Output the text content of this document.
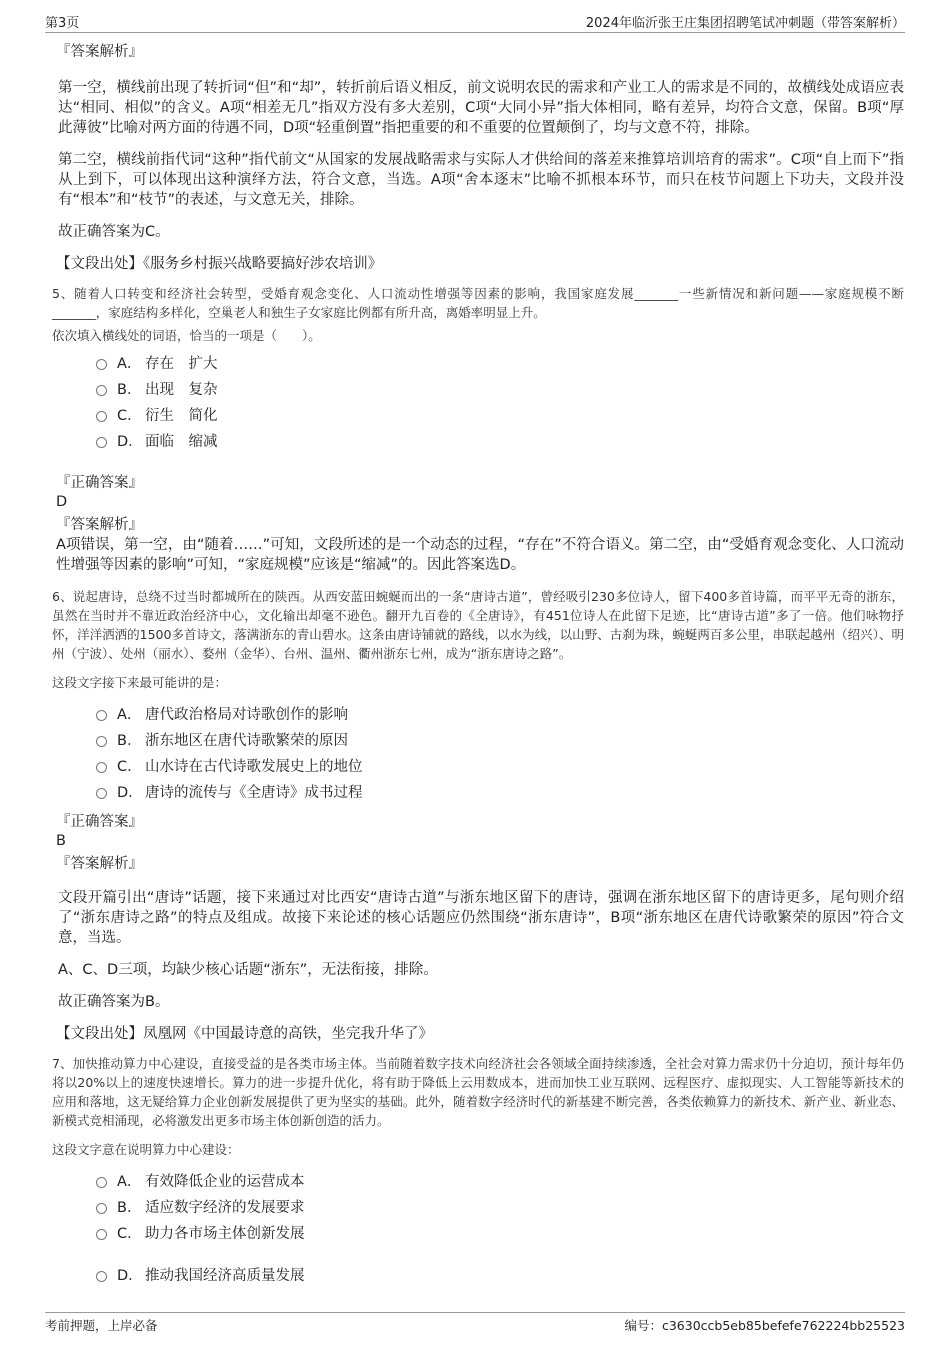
第3页	2024年临沂张王庄集团招聘笔试冲刺题（带答案解析）
『答案解析』

第一空，横线前出现了转折词“但”和“却”，转折前后语义相反，前文说明农民的需求和产业工人的需求是不同的，故横线处成语应表达“相同、相似”的含义。A项“相差无几”指双方没有多大差别，C项“大同小异”指大体相同，略有差异，均符合文意，保留。B项“厚此薄彼”比喻对两方面的待遇不同，D项“轻重倒置”指把重要的和不重要的位置颠倒了，均与文意不符，排除。

第二空，横线前指代词“这种”指代前文“从国家的发展战略需求与实际人才供给间的落差来推算培训培育的需求”。C项“自上而下”指从上到下，可以体现出这种演绎方法，符合文意，当选。A项“舍本逐末”比喻不抓根本环节，而只在枝节问题上下功夫，文段并没有“根本”和“枝节”的表述，与文意无关，排除。

故正确答案为C。

【文段出处】《服务乡村振兴战略要搞好涉农培训》

5、随着人口转变和经济社会转型，受婚育观念变化、人口流动性增强等因素的影响，我国家庭发展_______一些新情况和新问题——家庭规模不断_______，家庭结构多样化，空巢老人和独生子女家庭比例都有所升高，离婚率明显上升。

依次填入横线处的词语，恰当的一项是（　　）。

A． 存在　扩大
B． 出现　复杂
C． 衍生　简化
D． 面临　缩减
『正确答案』
D
『答案解析』

A项错误，第一空，由“随着……”可知，文段所述的是一个动态的过程，“存在”不符合语义。第二空，由“受婚育观念变化、人口流动性增强等因素的影响”可知，“家庭规模”应该是“缩减”的。因此答案选D。

6、说起唐诗，总绕不过当时都城所在的陕西。从西安蓝田蜿蜒而出的一条“唐诗古道”，曾经吸引230多位诗人，留下400多首诗篇，而平平无奇的浙东，虽然在当时并不靠近政治经济中心，文化输出却毫不逊色。翻开九百卷的《全唐诗》，有451位诗人在此留下足迹，比“唐诗古道”多了一倍。他们咏物抒怀，洋洋洒洒的1500多首诗文，落满浙东的青山碧水。这条由唐诗铺就的路线，以水为线，以山野、古刹为珠，蜿蜒两百多公里，串联起越州（绍兴）、明州（宁波）、处州（丽水）、婺州（金华）、台州、温州、衢州浙东七州，成为“浙东唐诗之路”。

这段文字接下来最可能讲的是：

A． 唐代政治格局对诗歌创作的影响
B． 浙东地区在唐代诗歌繁荣的原因
C． 山水诗在古代诗歌发展史上的地位
D． 唐诗的流传与《全唐诗》成书过程
『正确答案』
B
『答案解析』

文段开篇引出“唐诗”话题，接下来通过对比西安“唐诗古道”与浙东地区留下的唐诗，强调在浙东地区留下的唐诗更多，尾句则介绍了“浙东唐诗之路”的特点及组成。故接下来论述的核心话题应仍然围绕“浙东唐诗”，B项“浙东地区在唐代诗歌繁荣的原因”符合文意，当选。

A、C、D三项，均缺少核心话题“浙东”，无法衔接，排除。

故正确答案为B。

【文段出处】凤凰网《中国最诗意的高铁，坐完我升华了》

7、加快推动算力中心建设，直接受益的是各类市场主体。当前随着数字技术向经济社会各领域全面持续渗透，全社会对算力需求仍十分迫切，预计每年仍将以20%以上的速度快速增长。算力的进一步提升优化，将有助于降低上云用数成本，进而加快工业互联网、远程医疗、虚拟现实、人工智能等新技术的应用和落地，这无疑给算力企业创新发展提供了更为坚实的基础。此外，随着数字经济时代的新基建不断完善，各类依赖算力的新技术、新产业、新业态、新模式竞相涌现，必将激发出更多市场主体创新创造的活力。

这段文字意在说明算力中心建设：

A． 有效降低企业的运营成本
B． 适应数字经济的发展要求
C． 助力各市场主体创新发展
D． 推动我国经济高质量发展
考前押题，上岸必备	编号：c3630ccb5eb85befefe762224bb25523
